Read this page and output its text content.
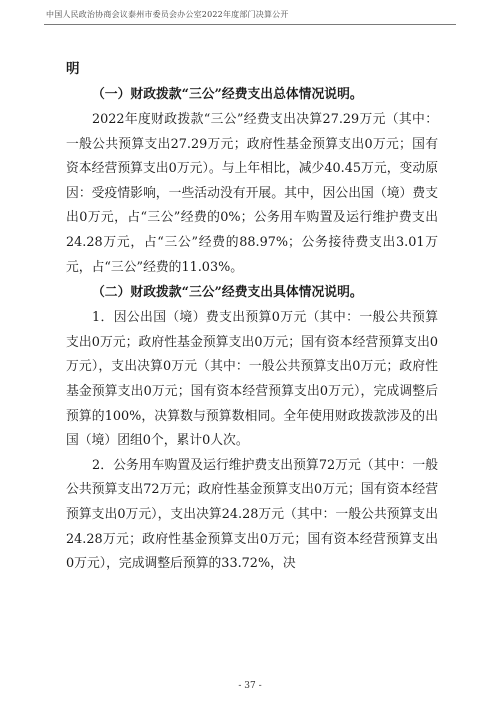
中国人民政治协商会议泰州市委员会办公室2022年度部门决算公开

明

（一）财政拨款“三公”经费支出总体情况说明。

2022年度财政拨款“三公”经费支出决算27.29万元（其中：一般公共预算支出27.29万元；政府性基金预算支出0万元；国有资本经营预算支出0万元）。与上年相比，减少40.45万元，变动原因：受疫情影响，一些活动没有开展。其中，因公出国（境）费支出0万元，占“三公”经费的0%；公务用车购置及运行维护费支出24.28万元，占“三公”经费的88.97%；公务接待费支出3.01万元，占“三公”经费的11.03%。

（二）财政拨款“三公”经费支出具体情况说明。

1．因公出国（境）费支出预算0万元（其中：一般公共预算支出0万元；政府性基金预算支出0万元；国有资本经营预算支出0万元），支出决算0万元（其中：一般公共预算支出0万元；政府性基金预算支出0万元；国有资本经营预算支出0万元），完成调整后预算的100%，决算数与预算数相同。全年使用财政拨款涉及的出国（境）团组0个，累计0人次。

2．公务用车购置及运行维护费支出预算72万元（其中：一般公共预算支出72万元；政府性基金预算支出0万元；国有资本经营预算支出0万元），支出决算24.28万元（其中：一般公共预算支出24.28万元；政府性基金预算支出0万元；国有资本经营预算支出0万元），完成调整后预算的33.72%，决

- 37 -
